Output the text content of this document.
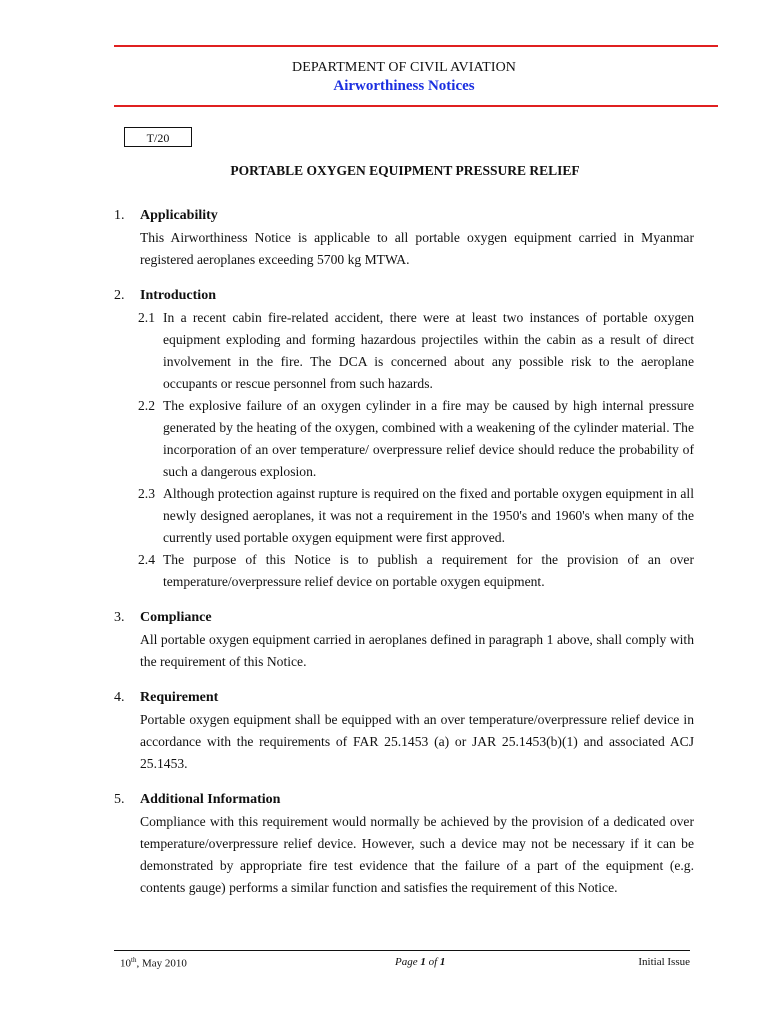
DEPARTMENT OF CIVIL AVIATION
Airworthiness Notices
T/20
PORTABLE OXYGEN EQUIPMENT PRESSURE RELIEF
1.	Applicability
This Airworthiness Notice is applicable to all portable oxygen equipment carried in Myanmar registered aeroplanes exceeding 5700 kg MTWA.
2.	Introduction
2.1 In a recent cabin fire-related accident, there were at least two instances of portable oxygen equipment exploding and forming hazardous projectiles within the cabin as a result of direct involvement in the fire. The DCA is concerned about any possible risk to the aeroplane occupants or rescue personnel from such hazards.
2.2 The explosive failure of an oxygen cylinder in a fire may be caused by high internal pressure generated by the heating of the oxygen, combined with a weakening of the cylinder material. The incorporation of an over temperature/ overpressure relief device should reduce the probability of such a dangerous explosion.
2.3 Although protection against rupture is required on the fixed and portable oxygen equipment in all newly designed aeroplanes, it was not a requirement in the 1950's and 1960's when many of the currently used portable oxygen equipment were first approved.
2.4 The purpose of this Notice is to publish a requirement for the provision of an over temperature/overpressure relief device on portable oxygen equipment.
3.	Compliance
All portable oxygen equipment carried in aeroplanes defined in paragraph 1 above, shall comply with the requirement of this Notice.
4.	Requirement
Portable oxygen equipment shall be equipped with an over temperature/overpressure relief device in accordance with the requirements of FAR 25.1453 (a) or JAR 25.1453(b)(1) and associated ACJ 25.1453.
5.	Additional Information
Compliance with this requirement would normally be achieved by the provision of a dedicated over temperature/overpressure relief device. However, such a device may not be necessary if it can be demonstrated by appropriate fire test evidence that the failure of a part of the equipment (e.g. contents gauge) performs a similar function and satisfies the requirement of this Notice.
10th, May 2010	Page 1 of 1	Initial Issue
